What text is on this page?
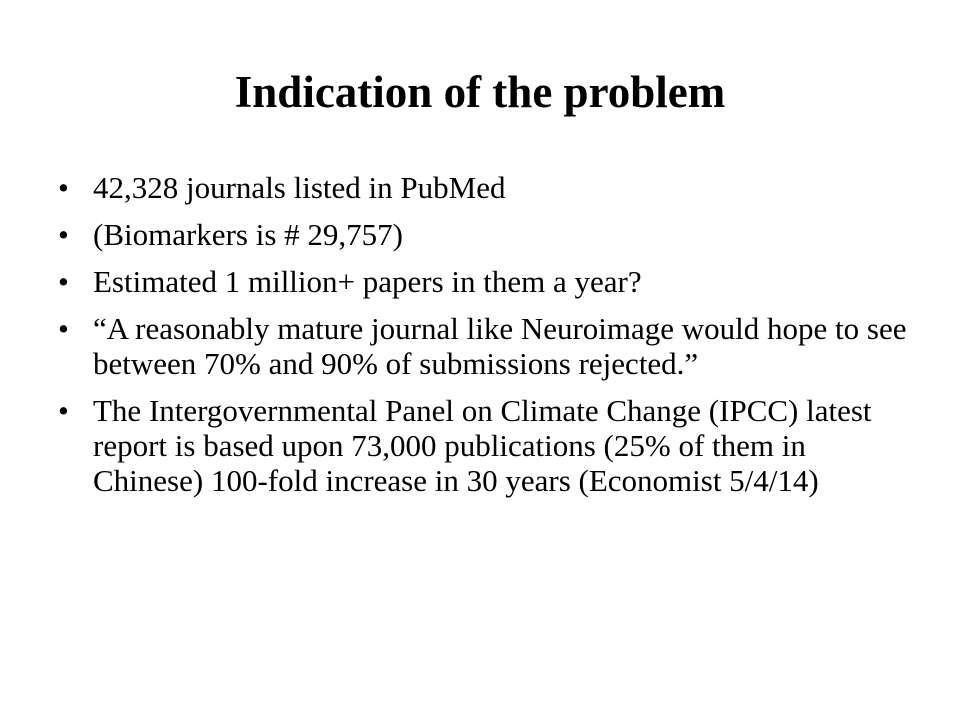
Indication of the problem
• 42,328 journals listed in PubMed
• (Biomarkers is # 29,757)
• Estimated 1 million+ papers in them a year?
• “A reasonably mature journal like Neuroimage would hope to see between 70% and 90% of submissions rejected.”
• The Intergovernmental Panel on Climate Change (IPCC) latest report is based upon 73,000 publications (25% of them in Chinese) 100-fold increase in 30 years (Economist 5/4/14)
